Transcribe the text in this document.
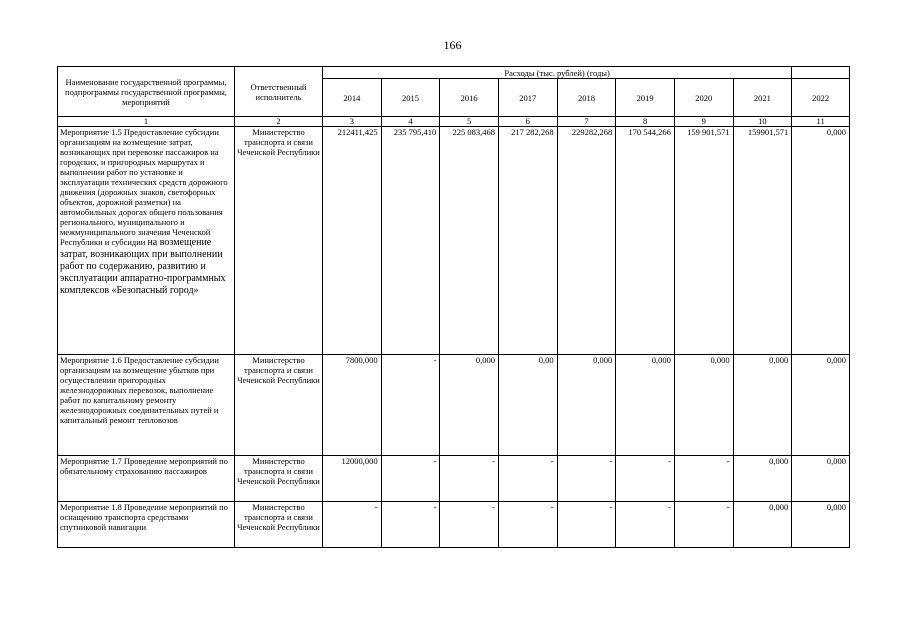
166
Наименование государственной программы, подпрограммы государственной программы, мероприятий	Ответственный исполнитель	Расходы (тыс. рублей) (годы)								
		2014	2015	2016	2017	2018	2019	2020	2021	2022
1	2	3	4	5	6	7	8	9	10	11
Мероприятие 1.5 Предоставление субсидии организациям на возмещение затрат, возникающих при перевозке пассажиров на городских, и пригородных маршрутах и выполнении работ по установке и эксплуатации технических средств дорожного движения (дорожных знаков, светофорных объектов, дорожной разметки) на автомобильных дорогах общего пользования регионального, муниципального и межмуниципального значения Чеченской Республики и субсидии на возмещение затрат, возникающих при выполнении работ по содержанию, развитию и эксплуатации аппаратно-программных комплексов «Безопасный город»	Министерство транспорта и связи Чеченской Республики	212411,425	235 795,410	225 083,468	217 282,268	229282,268	170 544,266	159 901,571	159901,571	0,000
Мероприятие 1.6 Предоставление субсидии организациям на возмещение убытков при осуществлении пригородных железнодорожных перевозок, выполнение работ по капитальному ремонту железнодорожных соединительных путей и капитальный ремонт тепловозов	Министерство транспорта и связи Чеченской Республики	7800,000	-	0,000	0,00	0,000	0,000	0,000	0,000	0,000
Мероприятие 1.7 Проведение мероприятий по обязательному страхованию пассажиров	Министерство транспорта и связи Чеченской Республики	12000,000	-	-	-	-	-	-	0,000	0,000
Мероприятие 1.8 Проведение мероприятий по оснащению транспорта средствами спутниковой навигации	Министерство транспорта и связи Чеченской Республики	-	-	-	-	-	-	-	0,000	0,000
